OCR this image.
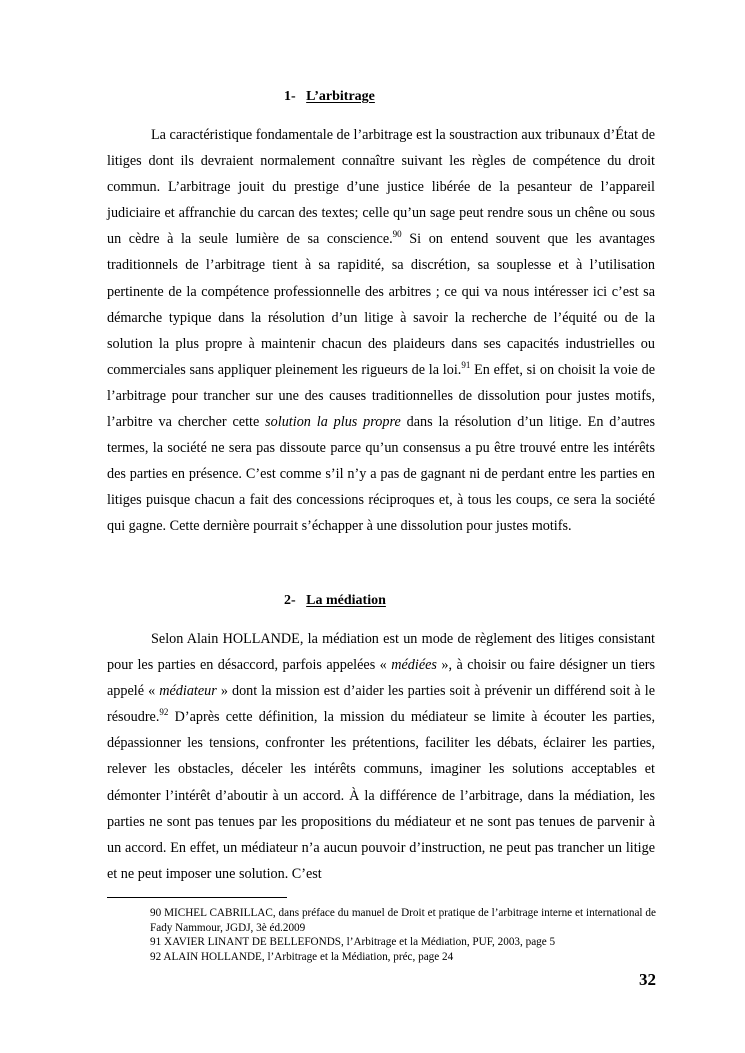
1- L’arbitrage

La caractéristique fondamentale de l’arbitrage est la soustraction aux tribunaux d’État de litiges dont ils devraient normalement connaître suivant les règles de compétence du droit commun. L’arbitrage jouit du prestige d’une justice libérée de la pesanteur de l’appareil judiciaire et affranchie du carcan des textes; celle qu’un sage peut rendre sous un chêne ou sous un cèdre à la seule lumière de sa conscience.$^{90}$ Si on entend souvent que les avantages traditionnels de l’arbitrage tient à sa rapidité, sa discrétion, sa souplesse et à l’utilisation pertinente de la compétence professionnelle des arbitres ; ce qui va nous intéresser ici c’est sa démarche typique dans la résolution d’un litige à savoir la recherche de l’équité ou de la solution la plus propre à maintenir chacun des plaideurs dans ses capacités industrielles ou commerciales sans appliquer pleinement les rigueurs de la loi.$^{91}$ En effet, si on choisit la voie de l’arbitrage pour trancher sur une des causes traditionnelles de dissolution pour justes motifs, l’arbitre va chercher cette solution la plus propre dans la résolution d’un litige. En d’autres termes, la société ne sera pas dissoute parce qu’un consensus a pu être trouvé entre les intérêts des parties en présence. C’est comme s’il n’y a pas de gagnant ni de perdant entre les parties en litiges puisque chacun a fait des concessions réciproques et, à tous les coups, ce sera la société qui gagne. Cette dernière pourrait s’échapper à une dissolution pour justes motifs.

2- La médiation

Selon Alain HOLLANDE, la médiation est un mode de règlement des litiges consistant pour les parties en désaccord, parfois appelées « médiées », à choisir ou faire désigner un tiers appelé « médiateur » dont la mission est d’aider les parties soit à prévenir un différend soit à le résoudre.$^{92}$ D’après cette définition, la mission du médiateur se limite à écouter les parties, dépassionner les tensions, confronter les prétentions, faciliter les débats, éclairer les parties, relever les obstacles, déceler les intérêts communs, imaginer les solutions acceptables et démonter l’intérêt d’aboutir à un accord. À la différence de l’arbitrage, dans la médiation, les parties ne sont pas tenues par les propositions du médiateur et ne sont pas tenues de parvenir à un accord. En effet, un médiateur n’a aucun pouvoir d’instruction, ne peut pas trancher un litige et ne peut imposer une solution. C’est

90 MICHEL CABRILLAC, dans préface du manuel de Droit et pratique de l’arbitrage interne et international de Fady Nammour, JGDJ, 3è éd.2009

91 XAVIER LINANT DE BELLEFONDS, l’Arbitrage et la Médiation, PUF, 2003, page 5

92 ALAIN HOLLANDE, l’Arbitrage et la Médiation, préc, page 24

32
